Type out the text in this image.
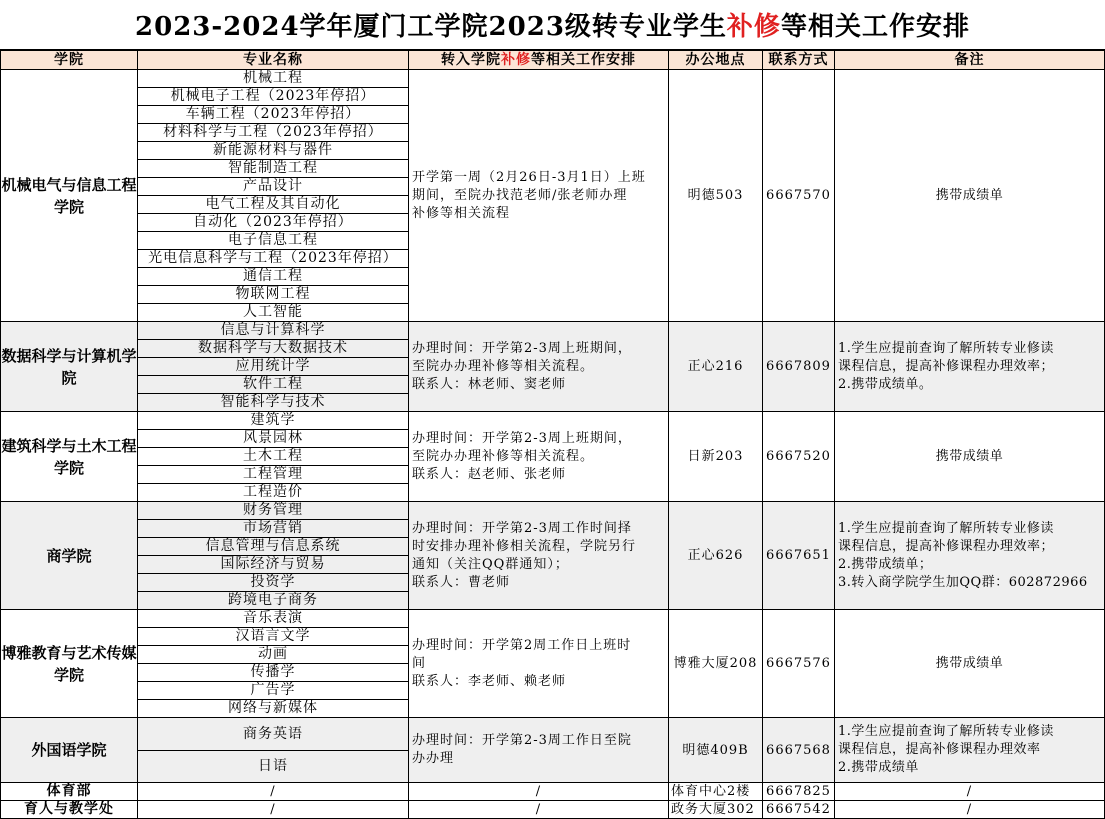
2023-2024学年厦门工学院2023级转专业学生 补修 等相关工作安排
学院	专业名称	转入学院补修等相关工作安排	办公地点	联系方式	备注
机械电气与信息工程学院	机械工程	开学第一周（2月26日-3月1日）上班
期间，至院办找范老师/张老师办理
补修等相关流程	明德503	6667570	携带成绩单

	机械电子工程（2023年停招）				
	车辆工程（2023年停招）				
	材料科学与工程（2023年停招）				
	新能源材料与器件				
	智能制造工程				
	产品设计				
	电气工程及其自动化				
	自动化（2023年停招）				
	电子信息工程				
	光电信息科学与工程（2023年停招）				
	通信工程				
	物联网工程				
	人工智能				
数据科学与计算机学院	信息与计算科学	办理时间：开学第2-3周上班期间，
至院办办理补修等相关流程。
联系人：林老师、窦老师	正心216	6667809	1.学生应提前查询了解所转专业修读
课程信息，提高补修课程办理效率；
2.携带成绩单。

	数据科学与大数据技术				
	应用统计学				
	软件工程				
	智能科学与技术				
建筑科学与土木工程学院	建筑学	办理时间：开学第2-3周上班期间，
至院办办理补修等相关流程。
联系人：赵老师、张老师	日新203	6667520	携带成绩单

	风景园林				
	土木工程				
	工程管理				
	工程造价				
商学院	财务管理	办理时间：开学第2-3周工作时间择
时安排办理补修相关流程，学院另行
通知（关注QQ群通知）；
联系人：曹老师	正心626	6667651	1.学生应提前查询了解所转专业修读
课程信息，提高补修课程办理效率；
2.携带成绩单；
3.转入商学院学生加QQ群：602872966

	市场营销				
	信息管理与信息系统				
	国际经济与贸易				
	投资学				
	跨境电子商务				
博雅教育与艺术传媒学院	音乐表演	办理时间：开学第2周工作日上班时
间
联系人：李老师、赖老师	博雅大厦208	6667576	携带成绩单

	汉语言文学				
	动画				
	传播学				
	广告学				
	网络与新媒体				
外国语学院	商务英语	办理时间：开学第2-3周工作日至院
办办理	明德409B	6667568	1.学生应提前查询了解所转专业修读
课程信息，提高补修课程办理效率
2.携带成绩单

	日语				
体育部	/	/	体育中心2楼	6667825	/
育人与教学处	/	/	政务大厦302	6667542	/
